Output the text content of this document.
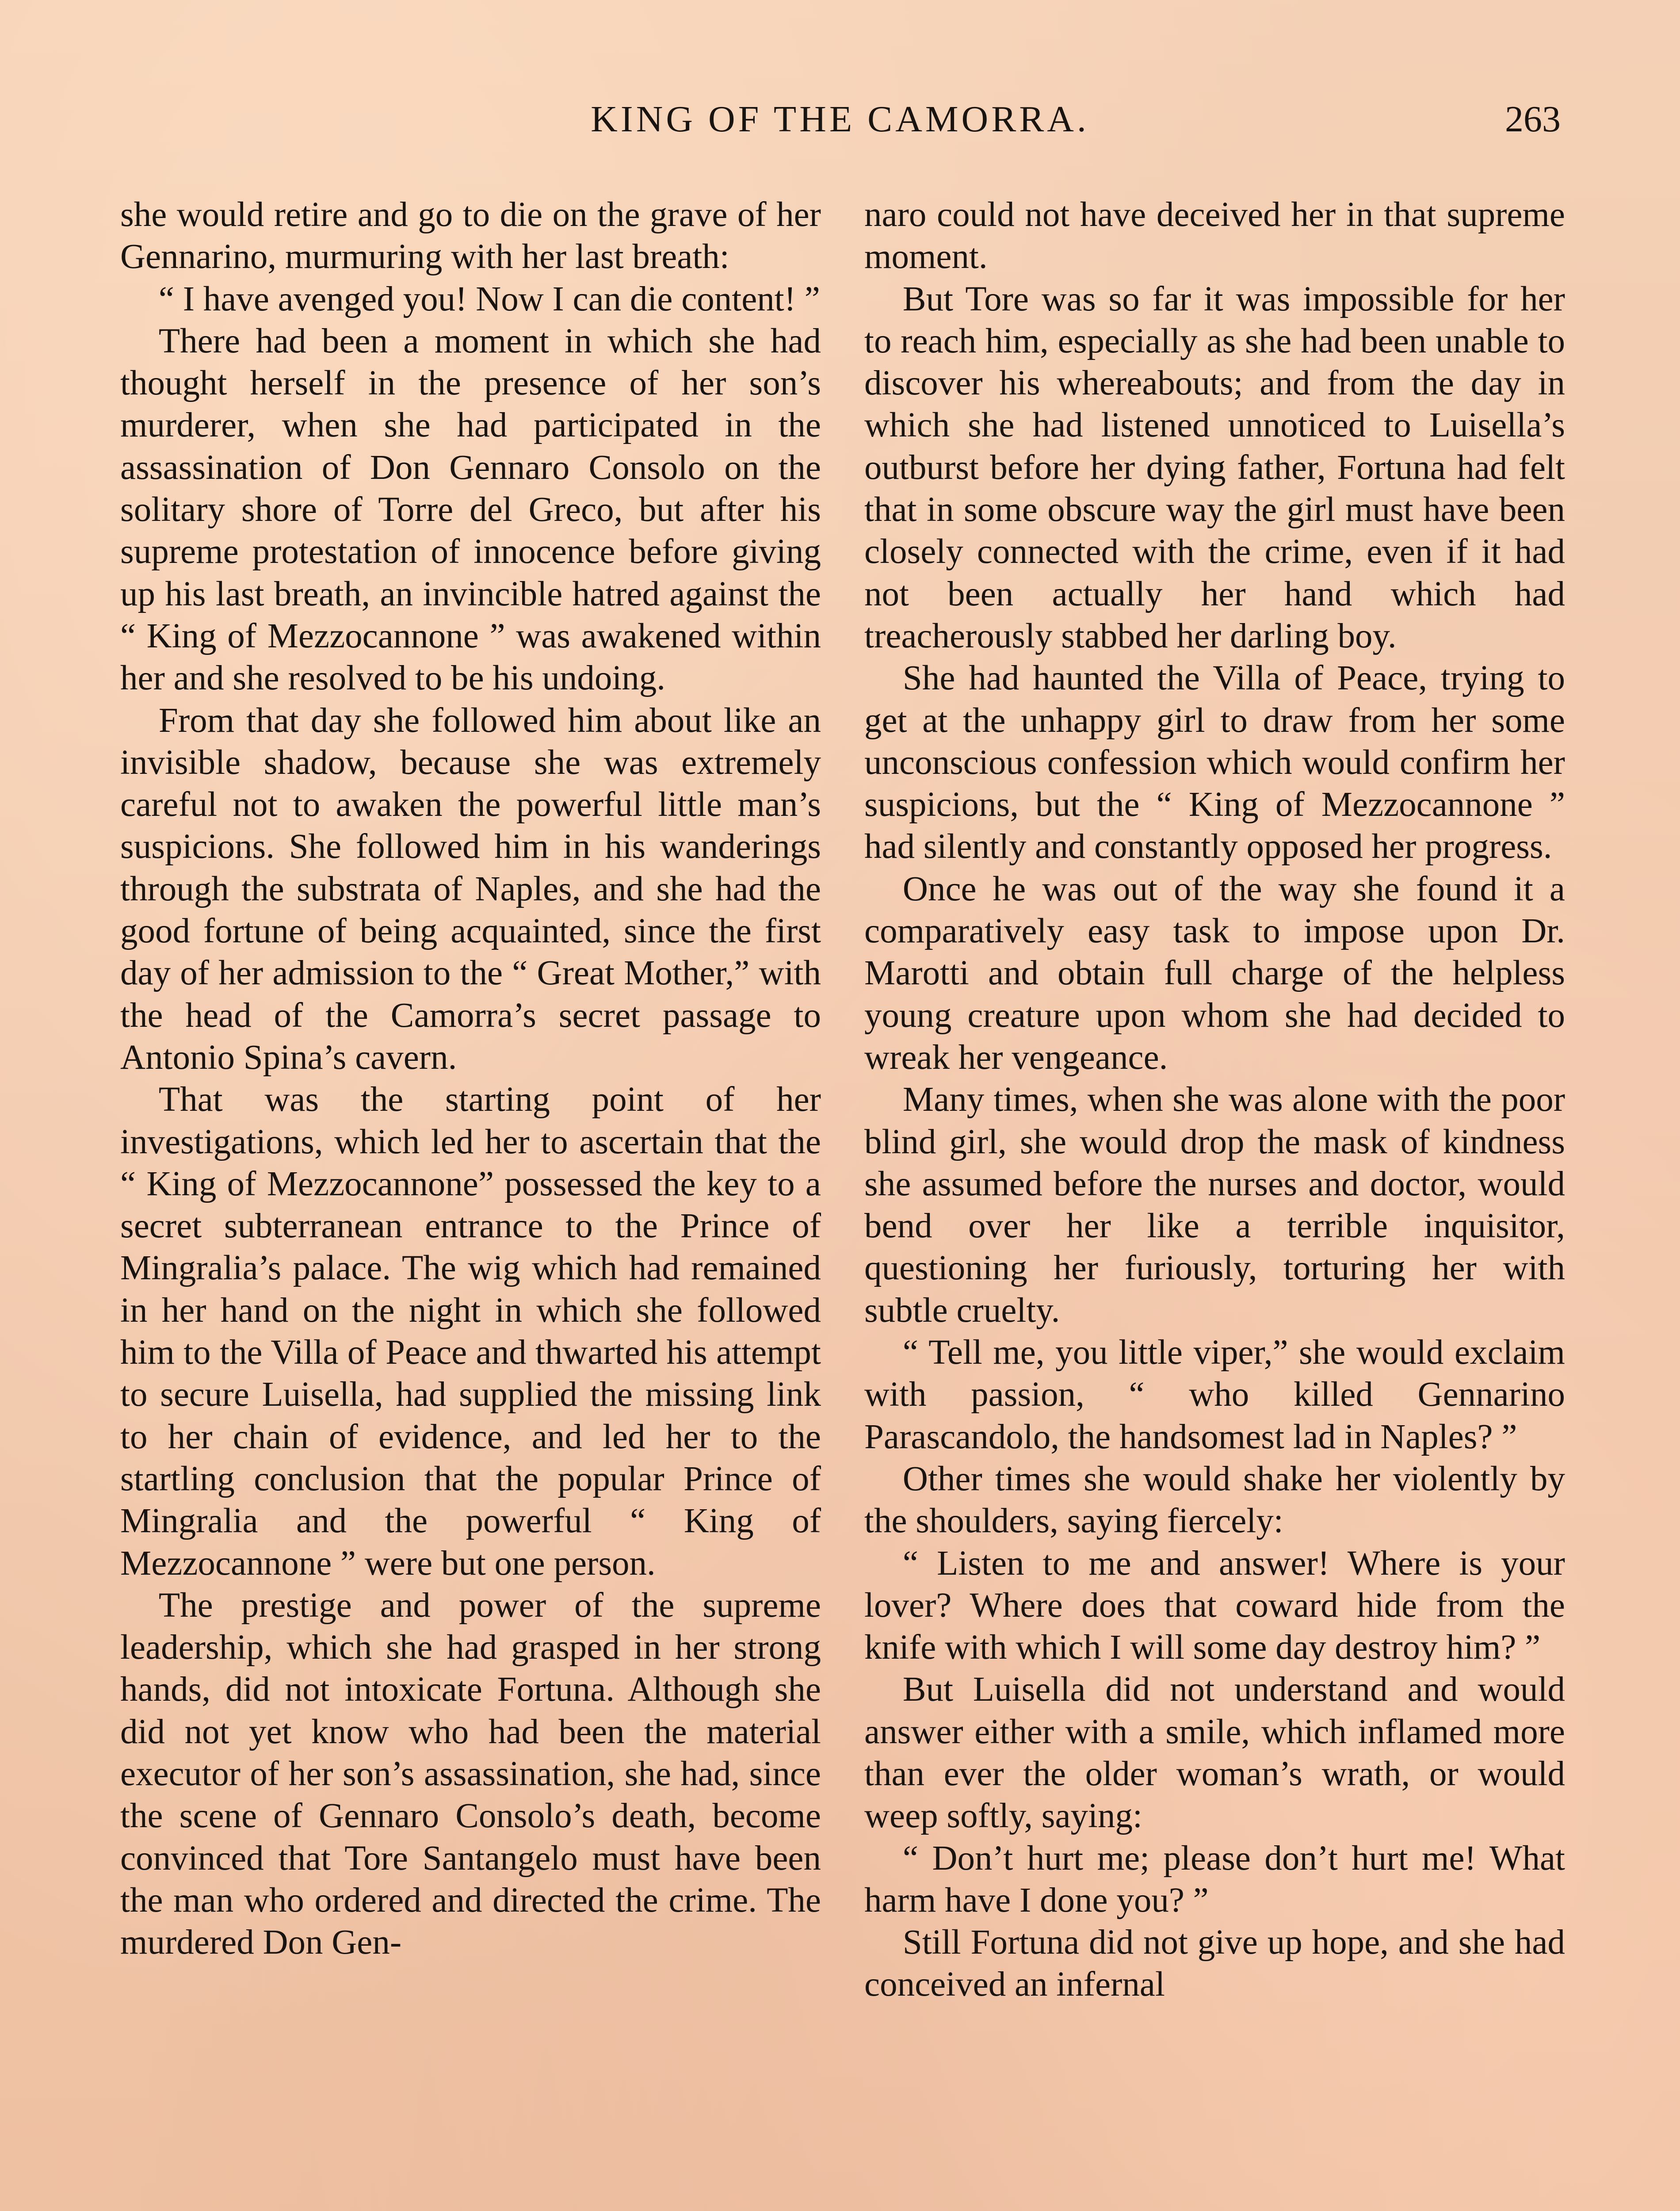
KING OF THE CAMORRA.	263

she would retire and go to die on the grave of her Gennarino, murmuring with her last breath:

“ I have avenged you! Now I can die content! ”

There had been a moment in which she had thought herself in the presence of her son’s murderer, when she had participated in the assassination of Don Gennaro Consolo on the solitary shore of Torre del Greco, but after his supreme protestation of innocence before giving up his last breath, an invincible hatred against the “ King of Mezzocannone ” was awakened within her and she resolved to be his undoing.

From that day she followed him about like an invisible shadow, because she was extremely careful not to awaken the powerful little man’s suspicions. She followed him in his wanderings through the substrata of Naples, and she had the good fortune of being acquainted, since the first day of her admission to the “ Great Mother,” with the head of the Camorra’s secret passage to Antonio Spina’s cavern.

That was the starting point of her investigations, which led her to ascertain that the “ King of Mezzocannone” possessed the key to a secret subterranean entrance to the Prince of Mingralia’s palace. The wig which had remained in her hand on the night in which she followed him to the Villa of Peace and thwarted his attempt to secure Luisella, had supplied the missing link to her chain of evidence, and led her to the startling conclusion that the popular Prince of Mingralia and the powerful “ King of Mezzocannone ” were but one person.

The prestige and power of the supreme leadership, which she had grasped in her strong hands, did not intoxicate Fortuna. Although she did not yet know who had been the material executor of her son’s assassination, she had, since the scene of Gennaro Consolo’s death, become convinced that Tore Santangelo must have been the man who ordered and directed the crime. The murdered Don Gen-

naro could not have deceived her in that supreme moment.

But Tore was so far it was impossible for her to reach him, especially as she had been unable to discover his whereabouts; and from the day in which she had listened unnoticed to Luisella’s outburst before her dying father, Fortuna had felt that in some obscure way the girl must have been closely connected with the crime, even if it had not been actually her hand which had treacherously stabbed her darling boy.

She had haunted the Villa of Peace, trying to get at the unhappy girl to draw from her some unconscious confession which would confirm her suspicions, but the “ King of Mezzocannone ” had silently and constantly opposed her progress.

Once he was out of the way she found it a comparatively easy task to impose upon Dr. Marotti and obtain full charge of the helpless young creature upon whom she had decided to wreak her vengeance.

Many times, when she was alone with the poor blind girl, she would drop the mask of kindness she assumed before the nurses and doctor, would bend over her like a terrible inquisitor, questioning her furiously, torturing her with subtle cruelty.

“ Tell me, you little viper,” she would exclaim with passion, “ who killed Gennarino Parascandolo, the handsomest lad in Naples? ”

Other times she would shake her violently by the shoulders, saying fiercely:

“ Listen to me and answer! Where is your lover? Where does that coward hide from the knife with which I will some day destroy him? ”

But Luisella did not understand and would answer either with a smile, which inflamed more than ever the older woman’s wrath, or would weep softly, saying:

“ Don’t hurt me; please don’t hurt me! What harm have I done you? ”

Still Fortuna did not give up hope, and she had conceived an infernal
